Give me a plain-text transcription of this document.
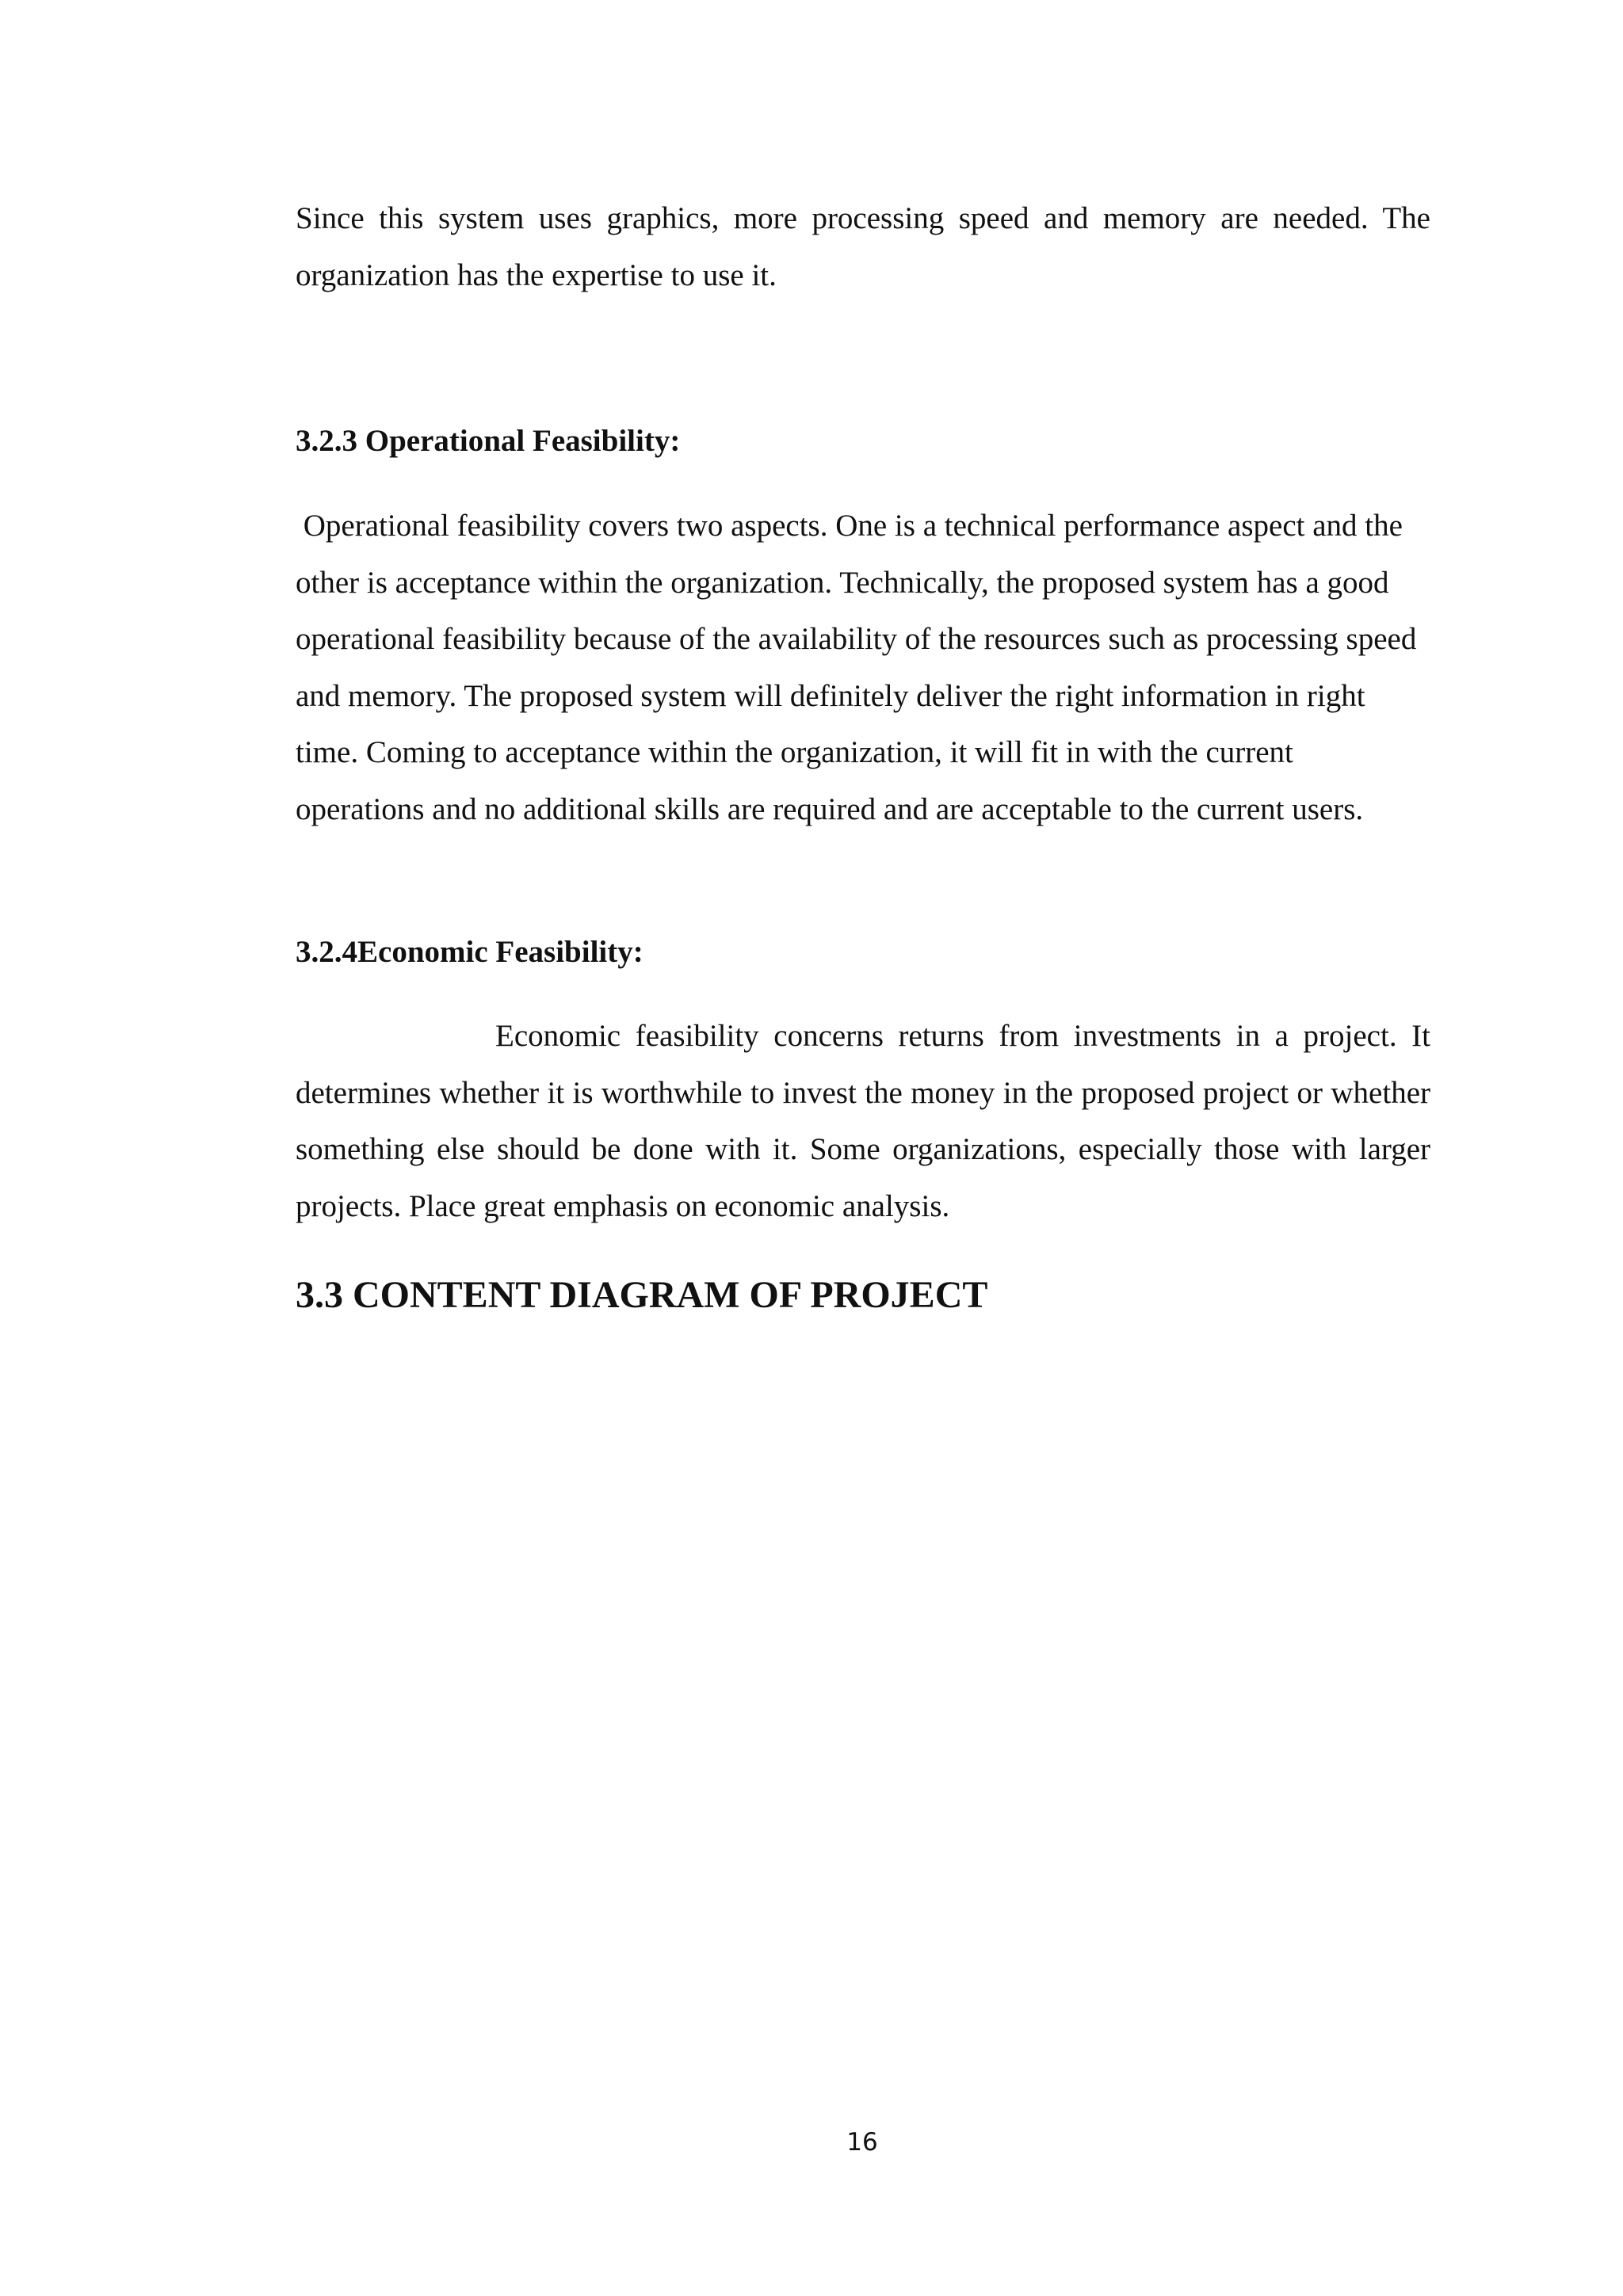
Since this system uses graphics, more processing speed and memory are needed. The organization has the expertise to use it.

3.2.3 Operational Feasibility:

Operational feasibility covers two aspects. One is a technical performance aspect and the other is acceptance within the organization. Technically, the proposed system has a good operational feasibility because of the availability of the resources such as processing speed and memory. The proposed system will definitely deliver the right information in right time. Coming to acceptance within the organization, it will fit in with the current operations and no additional skills are required and are acceptable to the current users.

3.2.4Economic Feasibility:

Economic feasibility concerns returns from investments in a project. It determines whether it is worthwhile to invest the money in the proposed project or whether something else should be done with it. Some organizations, especially those with larger projects. Place great emphasis on economic analysis.

3.3 CONTENT DIAGRAM OF PROJECT
16
